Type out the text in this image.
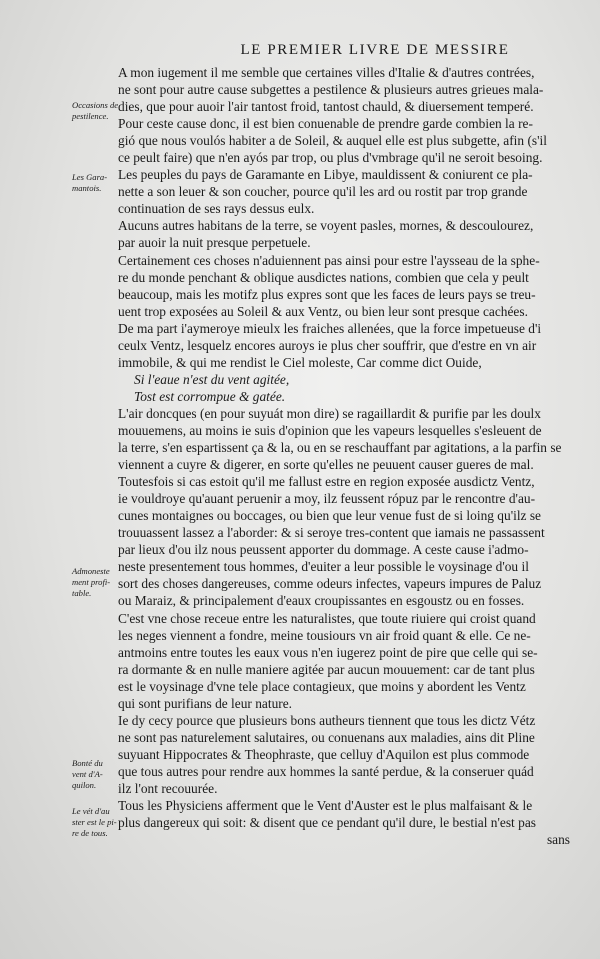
LE PREMIER LIVRE DE MESSIRE
A mon iugement il me semble que certaines villes d'Italie & d'autres contrées,
ne sont pour autre cause subgettes a pestilence & plusieurs autres grieues mala-
dies, que pour auoir l'air tantost froid, tantost chauld, & diuersement temperé.
Pour ceste cause donc, il est bien conuenable de prendre garde combien la re-
gió que nous voulós habiter a de Soleil, & auquel elle est plus subgette, afin (s'il
ce peult faire) que n'en ayós par trop, ou plus d'vmbrage qu'il ne seroit besoing.
Les peuples du pays de Garamante en Libye, mauldissent & coniurent ce pla-
nette a son leuer & son coucher, pource qu'il les ard ou rostit par trop grande
continuation de ses rays dessus eulx.
Aucuns autres habitans de la terre, se voyent pasles, mornes, & descoulourez,
par auoir la nuit presque perpetuele.
Certainement ces choses n'aduiennent pas ainsi pour estre l'aysseau de la sphe-
re du monde penchant & oblique ausdictes nations, combien que cela y peult
beaucoup, mais les motifz plus expres sont que les faces de leurs pays se treu-
uent trop exposées au Soleil & aux Ventz, ou bien leur sont presque cachées.
De ma part i'aymeroye mieulx les fraiches allenées, que la force impetueuse d'i
ceulx Ventz, lesquelz encores auroys ie plus cher souffrir, que d'estre en vn air
immobile, & qui me rendist le Ciel moleste, Car comme dict Ouide,
Si l'eaue n'est du vent agitée,
Tost est corrompue & gatée.
L'air doncques (en pour suyuát mon dire) se ragaillardit & purifie par les doulx
mouuemens, au moins ie suis d'opinion que les vapeurs lesquelles s'esleuent de
la terre, s'en espartissent ça & la, ou en se reschauffant par agitations, a la parfin se
viennent a cuyre & digerer, en sorte qu'elles ne peuuent causer gueres de mal.
Toutesfois si cas estoit qu'il me fallust estre en region exposée ausdictz Ventz,
ie vouldroye qu'auant peruenir a moy, ilz feussent rópuz par le rencontre d'au-
cunes montaignes ou boccages, ou bien que leur venue fust de si loing qu'ilz se
trouuassent lassez a l'aborder: & si seroye tres-content que iamais ne passassent
par lieux d'ou ilz nous peussent apporter du dommage. A ceste cause i'admo-
neste presentement tous hommes, d'euiter a leur possible le voysinage d'ou il
sort des choses dangereuses, comme odeurs infectes, vapeurs impures de Paluz
ou Maraiz, & principalement d'eaux croupissantes en esgoustz ou en fosses.
C'est vne chose receue entre les naturalistes, que toute riuiere qui croist quand
les neges viennent a fondre, meine tousiours vn air froid quant & elle. Ce ne-
antmoins entre toutes les eaux vous n'en iugerez point de pire que celle qui se-
ra dormante & en nulle maniere agitée par aucun mouuement: car de tant plus
est le voysinage d'vne tele place contagieux, que moins y abordent les Ventz
qui sont purifians de leur nature.
Ie dy cecy pource que plusieurs bons autheurs tiennent que tous les dictz Vétz
ne sont pas naturelement salutaires, ou conuenans aux maladies, ains dit Pline
suyuant Hippocrates & Theophraste, que celluy d'Aquilon est plus commode
que tous autres pour rendre aux hommes la santé perdue, & la conseruer quád
ilz l'ont recouurée.
Tous les Physiciens afferment que le Vent d'Auster est le plus malfaisant & le
plus dangereux qui soit: & disent que ce pendant qu'il dure, le bestial n'est pas
sans
Occasions de
pestilence.
Les Gara-
mantois.
Admoneste
ment profi-
table.
Bonté du
vent d'A-
quilon.
Le vét d'au
ster est le pi-
re de tous.
